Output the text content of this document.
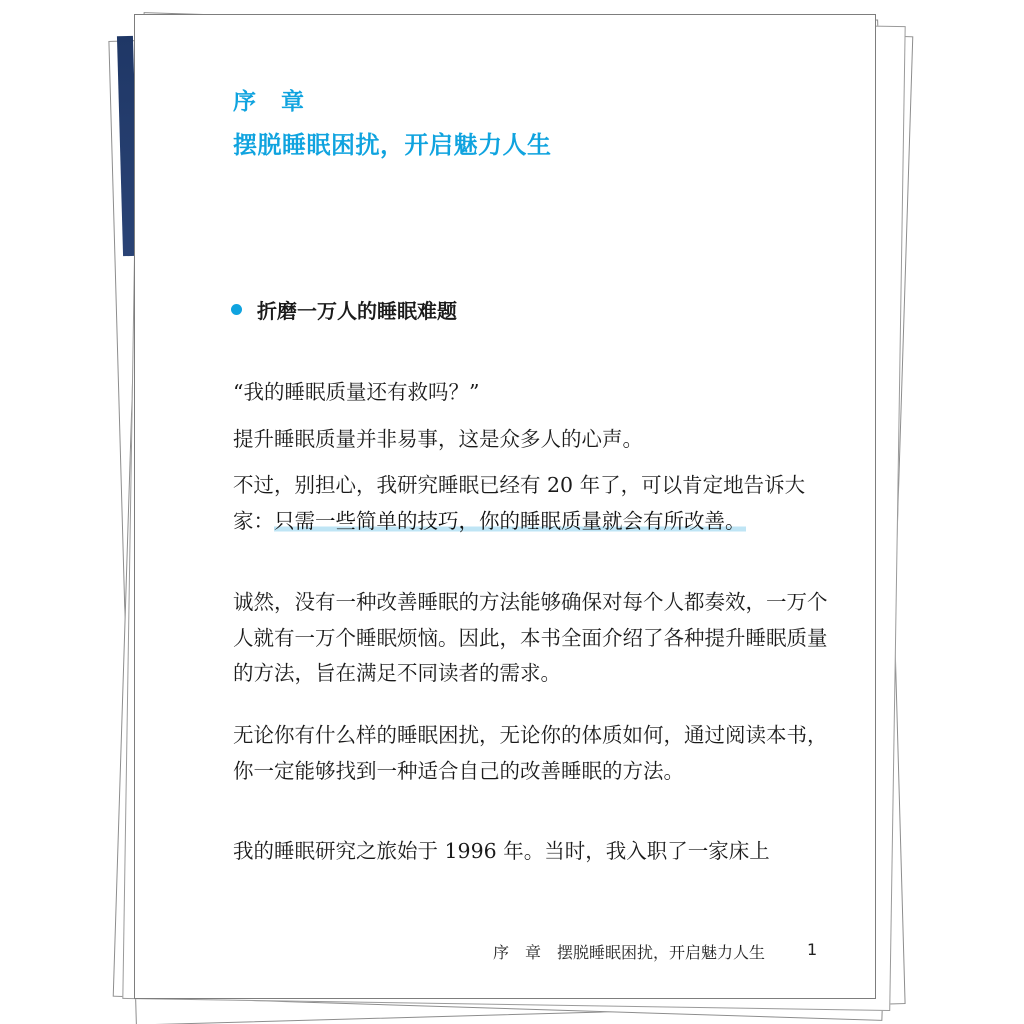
序　章
摆脱睡眠困扰，开启魅力人生
折磨一万人的睡眠难题

“我的睡眠质量还有救吗？”

提升睡眠质量并非易事，这是众多人的心声。

不过，别担心，我研究睡眠已经有 20 年了，可以肯定地告诉大家：只需一些简单的技巧，你的睡眠质量就会有所改善。

诚然，没有一种改善睡眠的方法能够确保对每个人都奏效，一万个人就有一万个睡眠烦恼。因此，本书全面介绍了各种提升睡眠质量的方法，旨在满足不同读者的需求。

无论你有什么样的睡眠困扰，无论你的体质如何，通过阅读本书，你一定能够找到一种适合自己的改善睡眠的方法。

我的睡眠研究之旅始于 1996 年。当时，我入职了一家床上

序　章　摆脱睡眠困扰，开启魅力人生	1
